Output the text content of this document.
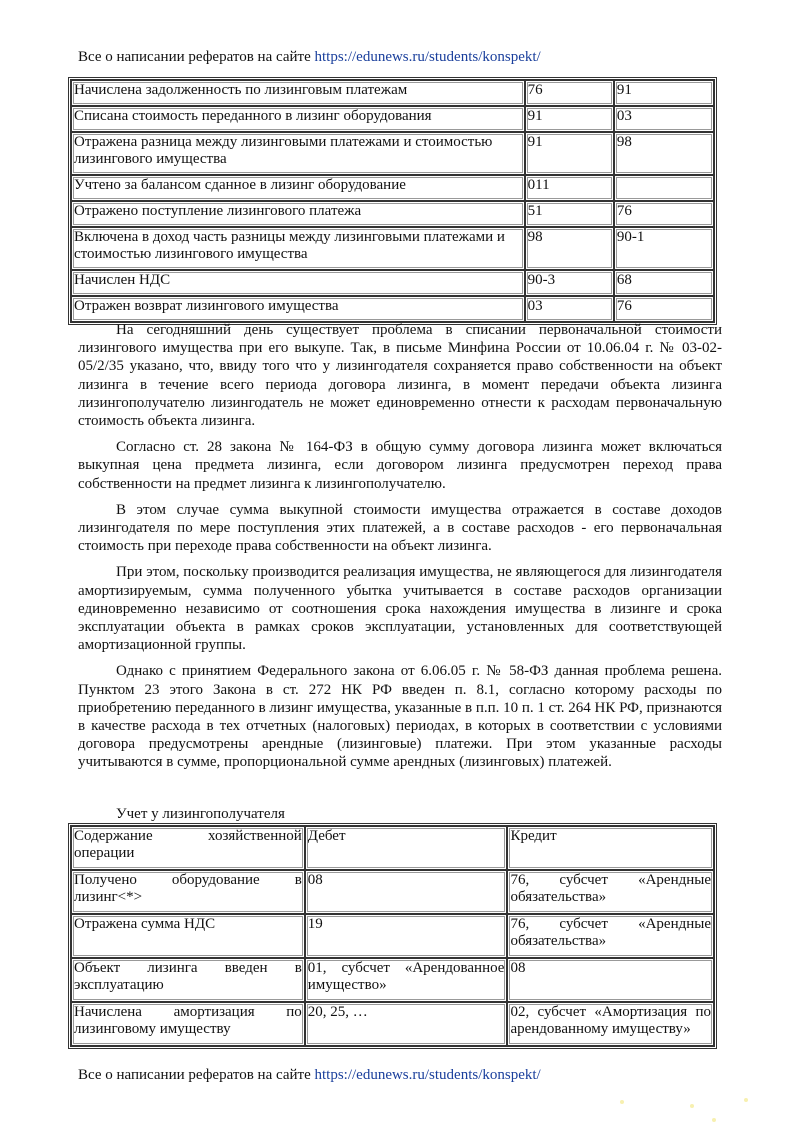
Все о написании рефератов на сайте https://edunews.ru/students/konspekt/
Начислена задолженность по лизинговым платежам	76	91
Списана стоимость переданного в лизинг оборудования	91	03
Отражена разница между лизинговыми платежами и стоимостью лизингового имущества	91	98
Учтено за балансом сданное в лизинг оборудование	011	
Отражено поступление лизингового платежа	51	76
Включена в доход часть разницы между лизинговыми платежами и стоимостью лизингового имущества	98	90-1
Начислен НДС	90-3	68
Отражен возврат лизингового имущества	03	76

На сегодняшний день существует проблема в списании первоначальной стоимости лизингового имущества при его выкупе. Так, в письме Минфина России от 10.06.04 г. № 03-02-05/2/35 указано, что, ввиду того что у лизингодателя сохраняется право собственности на объект лизинга в течение всего периода договора лизинга, в момент передачи объекта лизинга лизингополучателю лизингодатель не может единовременно отнести к расходам первоначальную стоимость объекта лизинга.

Согласно ст. 28 закона № 164-ФЗ в общую сумму договора лизинга может включаться выкупная цена предмета лизинга, если договором лизинга предусмотрен переход права собственности на предмет лизинга к лизингополучателю.

В этом случае сумма выкупной стоимости имущества отражается в составе доходов лизингодателя по мере поступления этих платежей, а в составе расходов - его первоначальная стоимость при переходе права собственности на объект лизинга.

При этом, поскольку производится реализация имущества, не являющегося для лизингодателя амортизируемым, сумма полученного убытка учитывается в составе расходов организации единовременно независимо от соотношения срока нахождения имущества в лизинге и срока эксплуатации объекта в рамках сроков эксплуатации, установленных для соответствующей амортизационной группы.

Однако с принятием Федерального закона от 6.06.05 г. № 58-ФЗ данная проблема решена. Пунктом 23 этого Закона в ст. 272 НК РФ введен п. 8.1, согласно которому расходы по приобретению переданного в лизинг имущества, указанные в п.п. 10 п. 1 ст. 264 НК РФ, признаются в качестве расхода в тех отчетных (налоговых) периодах, в которых в соответствии с условиями договора предусмотрены арендные (лизинговые) платежи. При этом указанные расходы учитываются в сумме, пропорциональной сумме арендных (лизинговых) платежей.

Учет у лизингополучателя
Содержание хозяйственной операции	Дебет	Кредит
Получено оборудование в лизинг<*>	08	76, субсчет «Арендные обязательства»
Отражена сумма НДС	19	76, субсчет «Арендные обязательства»
Объект лизинга введен в эксплуатацию	01, субсчет «Арендованное имущество»	08
Начислена амортизация по лизинговому имуществу	20, 25, …	02, субсчет «Амортизация по арендованному имуществу»
Все о написании рефератов на сайте https://edunews.ru/students/konspekt/
